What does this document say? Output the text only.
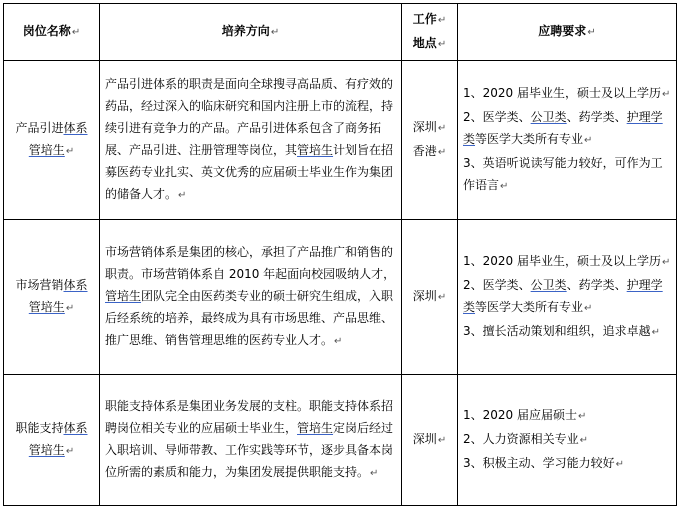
岗位名称↵	培养方向↵	工作↵
地点↵	应聘要求↵
产品引进体系
管培生↵	产品引进体系的职责是面向全球搜寻高品质、有疗效的药品，经过深入的临床研究和国内注册上市的流程，持续引进有竞争力的产品。产品引进体系包含了商务拓展、产品引进、注册管理等岗位，其管培生计划旨在招募医药专业扎实、英文优秀的应届硕士毕业生作为集团的储备人才。↵	深圳↵
香港↵	1、2020 届毕业生，硕士及以上学历↵
2、医学类、公卫类、药学类、护理学类等医学大类所有专业↵
3、英语听说读写能力较好，可作为工作语言↵

市场营销体系
管培生↵	市场营销体系是集团的核心，承担了产品推广和销售的职责。市场营销体系自 2010 年起面向校园吸纳人才，管培生团队完全由医药类专业的硕士研究生组成，入职后经系统的培养，最终成为具有市场思维、产品思维、推广思维、销售管理思维的医药专业人才。↵	深圳↵	1、2020 届毕业生，硕士及以上学历↵
2、医学类、公卫类、药学类、护理学类等医学大类所有专业↵
3、擅长活动策划和组织，追求卓越↵

职能支持体系
管培生↵	职能支持体系是集团业务发展的支柱。职能支持体系招聘岗位相关专业的应届硕士毕业生，管培生定岗后经过入职培训、导师带教、工作实践等环节，逐步具备本岗位所需的素质和能力，为集团发展提供职能支持。↵	深圳↵	1、2020 届应届硕士↵
2、人力资源相关专业↵
3、积极主动、学习能力较好↵
